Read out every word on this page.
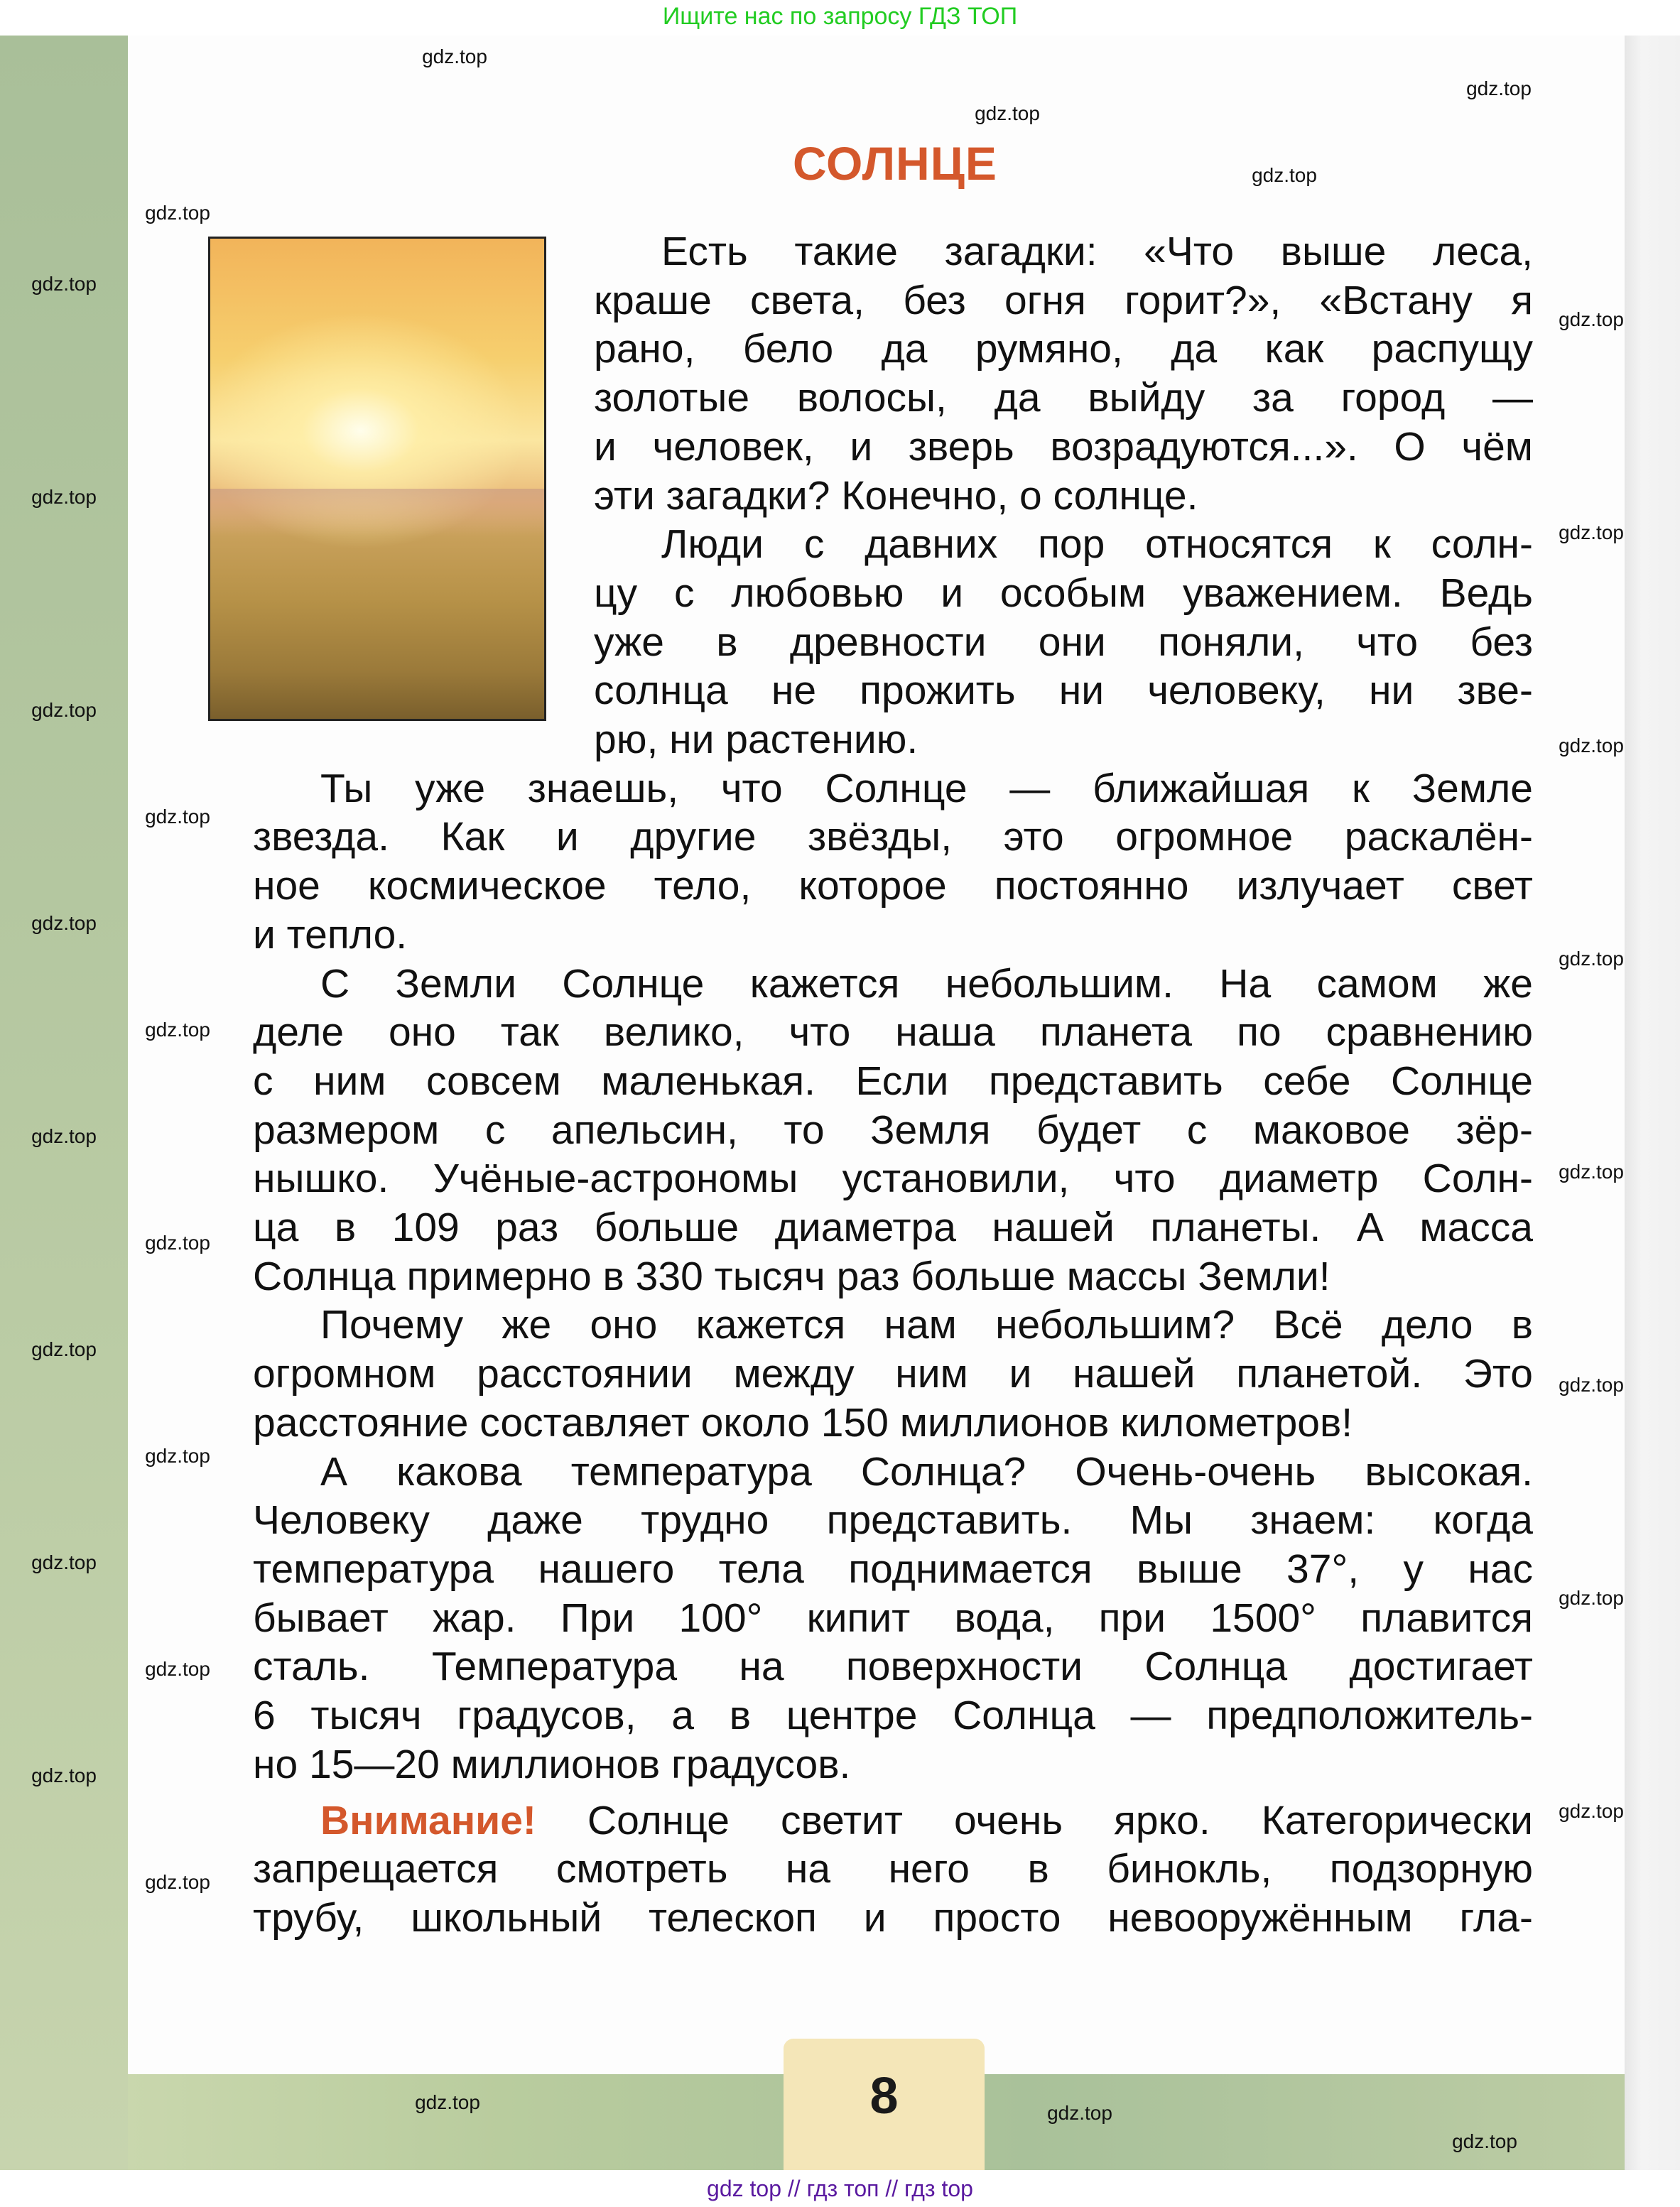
Ищите нас по запросу ГДЗ ТОП
СОЛНЦЕ
Есть такие загадки: «Что выше леса,
краше света, без огня горит?», «Встану я
рано, бело да румяно, да как распущу
золотые волосы, да выйду за город —
и человек, и зверь возрадуются...». О чём
эти загадки? Конечно, о солнце.
Люди с давних пор относятся к солн-
цу с любовью и особым уважением. Ведь
уже в древности они поняли, что без
солнца не прожить ни человеку, ни зве-
рю, ни растению.
Ты уже знаешь, что Солнце — ближайшая к Земле
звезда. Как и другие звёзды, это огромное раскалён-
ное космическое тело, которое постоянно излучает свет
и тепло.
С Земли Солнце кажется небольшим. На самом же
деле оно так велико, что наша планета по сравнению
с ним совсем маленькая. Если представить себе Солнце
размером с апельсин, то Земля будет с маковое зёр-
нышко. Учёные-астрономы установили, что диаметр Солн-
ца в 109 раз больше диаметра нашей планеты. А масса
Солнца примерно в 330 тысяч раз больше массы Земли!
Почему же оно кажется нам небольшим? Всё дело в
огромном расстоянии между ним и нашей планетой. Это
расстояние составляет около 150 миллионов километров!
А какова температура Солнца? Очень-очень высокая.
Человеку даже трудно представить. Мы знаем: когда
температура нашего тела поднимается выше 37°, у нас
бывает жар. При 100° кипит вода, при 1500° плавится
сталь. Температура на поверхности Солнца достигает
6 тысяч градусов, а в центре Солнца — предположитель-
но 15—20 миллионов градусов.
Внимание! Солнце светит очень ярко. Категорически
запрещается смотреть на него в бинокль, подзорную
трубу, школьный телескоп и просто невооружённым гла-
8
gdz top // гдз топ // гдз top
gdz.top
gdz.top
gdz.top
gdz.top
gdz.top
gdz.top
gdz.top
gdz.top
gdz.top
gdz.top
gdz.top
gdz.top
gdz.top
gdz.top
gdz.top
gdz.top
gdz.top
gdz.top
gdz.top
gdz.top
gdz.top
gdz.top
gdz.top
gdz.top
gdz.top
gdz.top
gdz.top
gdz.top	gdz.top
gdz.top
